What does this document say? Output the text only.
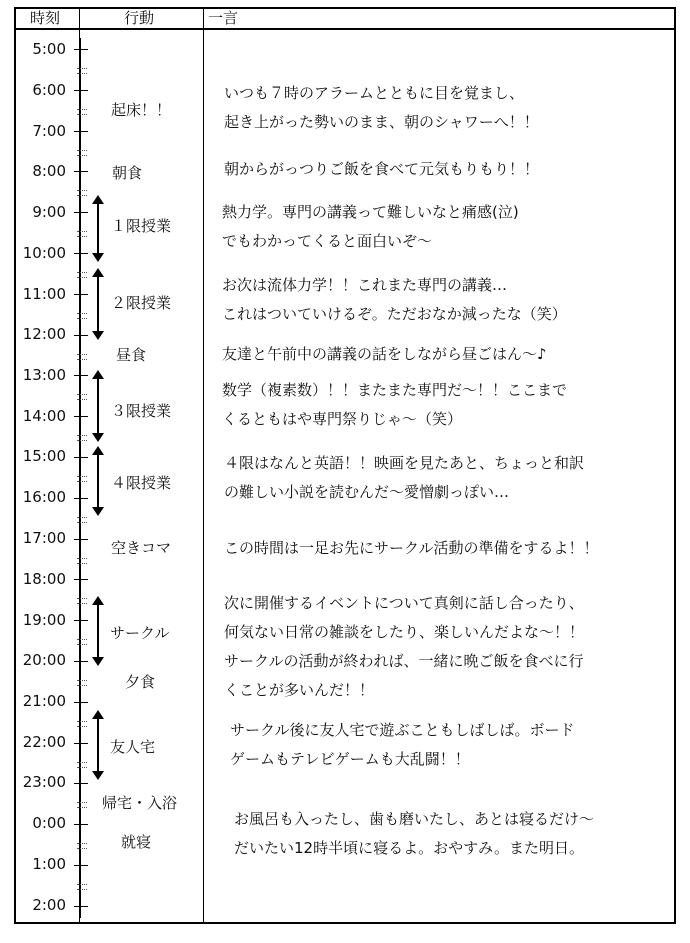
時刻	行動	一言
5:00
6:00
7:00
8:00
9:00
10:00
11:00
12:00
13:00
14:00
15:00
16:00
17:00
18:00
19:00
20:00
21:00
22:00
23:00
0:00
1:00
2:00
起床！！
朝食
１限授業
２限授業
昼食
３限授業
４限授業
空きコマ
サークル
夕食
友人宅
帰宅・入浴
就寝
いつも７時のアラームとともに目を覚まし、
起き上がった勢いのまま、朝のシャワーへ！！
朝からがっつりご飯を食べて元気もりもり！！
熱力学。専門の講義って難しいなと痛感(泣)
でもわかってくると面白いぞ〜
お次は流体力学！！これまた専門の講義…
これはついていけるぞ。ただおなか減ったな（笑）
友達と午前中の講義の話をしながら昼ごはん〜♪
数学（複素数）！！またまた専門だ〜！！ここまで
くるともはや専門祭りじゃ〜（笑）
４限はなんと英語！！映画を見たあと、ちょっと和訳
の難しい小説を読むんだ〜愛憎劇っぽい…
この時間は一足お先にサークル活動の準備をするよ！！
次に開催するイベントについて真剣に話し合ったり、
何気ない日常の雑談をしたり、楽しいんだよな〜！！
サークルの活動が終われば、一緒に晩ご飯を食べに行
くことが多いんだ！！
サークル後に友人宅で遊ぶこともしばしば。ボード
ゲームもテレビゲームも大乱闘！！
お風呂も入ったし、歯も磨いたし、あとは寝るだけ〜
だいたい12時半頃に寝るよ。おやすみ。また明日。
